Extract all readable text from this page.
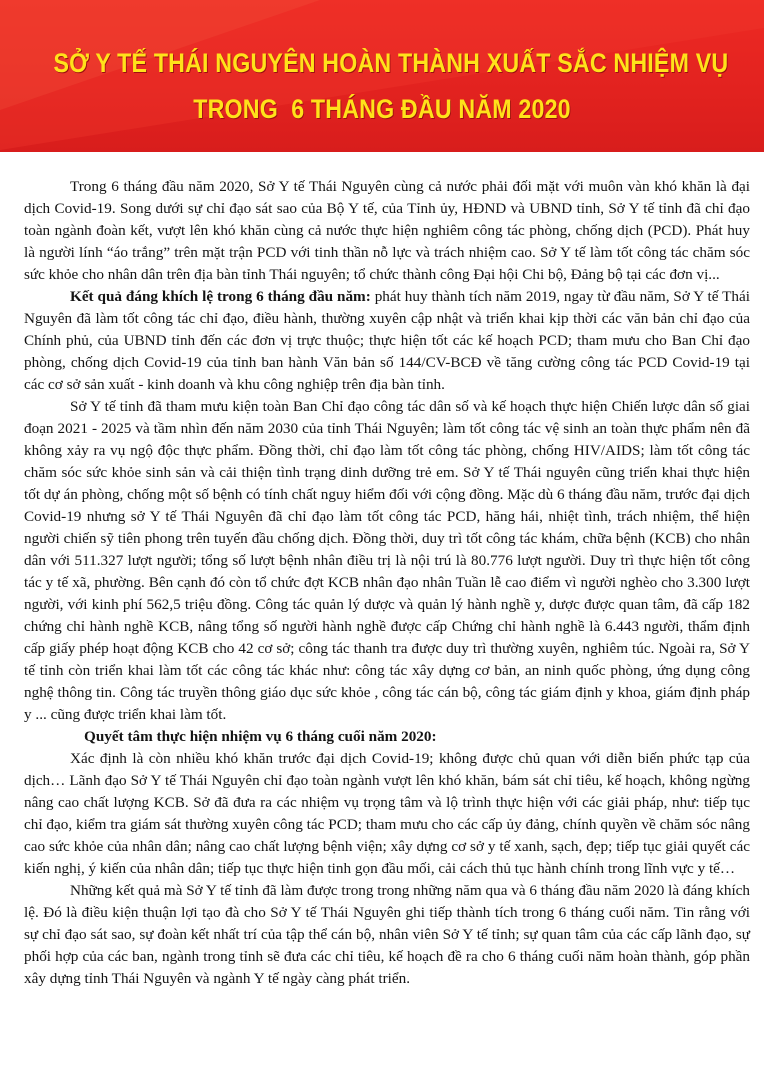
SỞ Y TẾ THÁI NGUYÊN HOÀN THÀNH XUẤT SẮC NHIỆM VỤ
TRONG  6 THÁNG ĐẦU NĂM 2020

Trong 6 tháng đầu năm 2020, Sở Y tế Thái Nguyên cùng cả nước phải đối mặt với muôn vàn khó khăn là đại dịch Covid-19. Song dưới sự chỉ đạo sát sao của Bộ Y tế, của Tỉnh ủy, HĐND và UBND tỉnh, Sở Y tế tỉnh đã chỉ đạo toàn ngành đoàn kết, vượt lên khó khăn cùng cả nước thực hiện nghiêm công tác phòng, chống dịch (PCD). Phát huy là người lính “áo trắng” trên mặt trận PCD với tinh thần nỗ lực và trách nhiệm cao. Sở Y tế làm tốt công tác chăm sóc sức khỏe cho nhân dân trên địa bàn tỉnh Thái nguyên; tổ chức thành công Đại hội Chi bộ, Đảng bộ tại các đơn vị...

Kết quả đáng khích lệ trong 6 tháng đầu năm: phát huy thành tích năm 2019, ngay từ đầu năm, Sở Y tế Thái Nguyên đã làm tốt công tác chỉ đạo, điều hành, thường xuyên cập nhật và triển khai kịp thời các văn bản chỉ đạo của Chính phủ, của UBND tỉnh đến các đơn vị trực thuộc; thực hiện tốt các kế hoạch PCD; tham mưu cho Ban Chỉ đạo phòng, chống dịch Covid-19 của tỉnh ban hành Văn bản số 144/CV-BCĐ về tăng cường công tác PCD Covid-19 tại các cơ sở sản xuất - kinh doanh và khu công nghiệp trên địa bàn tỉnh.

Sở Y tế tỉnh đã tham mưu kiện toàn Ban Chỉ đạo công tác dân số và kế hoạch thực hiện Chiến lược dân số giai đoạn 2021 - 2025 và tầm nhìn đến năm 2030 của tỉnh Thái Nguyên; làm tốt công tác vệ sinh an toàn thực phẩm nên đã không xảy ra vụ ngộ độc thực phẩm. Đồng thời, chỉ đạo làm tốt công tác phòng, chống HIV/AIDS; làm tốt công tác chăm sóc sức khỏe sinh sản và cải thiện tình trạng dinh dưỡng trẻ em. Sở Y tế Thái nguyên cũng triển khai thực hiện tốt dự án phòng, chống một số bệnh có tính chất nguy hiểm đối với cộng đồng. Mặc dù 6 tháng đầu năm, trước đại dịch Covid-19 nhưng sở Y tế Thái Nguyên đã chỉ đạo làm tốt công tác PCD, hăng hái, nhiệt tình, trách nhiệm, thể hiện người chiến sỹ tiên phong trên tuyến đầu chống dịch. Đồng thời, duy trì tốt công tác khám, chữa bệnh (KCB) cho nhân dân với 511.327 lượt người; tổng số lượt bệnh nhân điều trị là nội trú là 80.776 lượt người. Duy trì thực hiện tốt công tác y tế xã, phường. Bên cạnh đó còn tổ chức đợt KCB nhân đạo nhân Tuần lễ cao điểm vì người nghèo cho 3.300 lượt người, với kinh phí 562,5 triệu đồng. Công tác quản lý dược và quản lý hành nghề y, dược được quan tâm, đã cấp 182 chứng chỉ hành nghề KCB, nâng tổng số người hành nghề được cấp Chứng chỉ hành nghề là 6.443 người, thẩm định cấp giấy phép hoạt động KCB cho 42 cơ sở; công tác thanh tra được duy trì thường xuyên, nghiêm túc. Ngoài ra, Sở Y tế tỉnh còn triển khai làm tốt các công tác khác như: công tác xây dựng cơ bản, an ninh quốc phòng, ứng dụng công nghệ thông tin. Công tác truyền thông giáo dục sức khỏe , công tác cán bộ, công tác giám định y khoa, giám định pháp y ... cũng được triển khai làm tốt.

Quyết tâm thực hiện nhiệm vụ 6 tháng cuối năm 2020:

Xác định là còn nhiều khó khăn trước đại dịch Covid-19; không được chủ quan với diễn biến phức tạp của dịch… Lãnh đạo Sở Y tế Thái Nguyên chỉ đạo toàn ngành vượt lên khó khăn, bám sát chỉ tiêu, kế hoạch, không ngừng nâng cao chất lượng KCB. Sở đã đưa ra các nhiệm vụ trọng tâm và lộ trình thực hiện với các giải pháp, như: tiếp tục chỉ đạo, kiểm tra giám sát thường xuyên công tác PCD; tham mưu cho các cấp ủy đảng, chính quyền về chăm sóc nâng cao sức khỏe của nhân dân; nâng cao chất lượng bệnh viện; xây dựng cơ sở y tế xanh, sạch, đẹp; tiếp tục giải quyết các kiến nghị, ý kiến của nhân dân; tiếp tục thực hiện tinh gọn đầu mối, cải cách thủ tục hành chính trong lĩnh vực y tế…

Những kết quả mà Sở Y tế tỉnh đã làm được trong trong những năm qua và 6 tháng đầu năm 2020 là đáng khích lệ. Đó là điều kiện thuận lợi tạo đà cho Sở Y tế Thái Nguyên ghi tiếp thành tích trong 6 tháng cuối năm. Tin rằng với sự chỉ đạo sát sao, sự đoàn kết nhất trí của tập thể cán bộ, nhân viên Sở Y tế tỉnh; sự quan tâm của các cấp lãnh đạo, sự phối hợp của các ban, ngành trong tỉnh sẽ đưa các chỉ tiêu, kế hoạch đề ra cho 6 tháng cuối năm hoàn thành, góp phần xây dựng tỉnh Thái Nguyên và ngành Y tế ngày càng phát triển.
